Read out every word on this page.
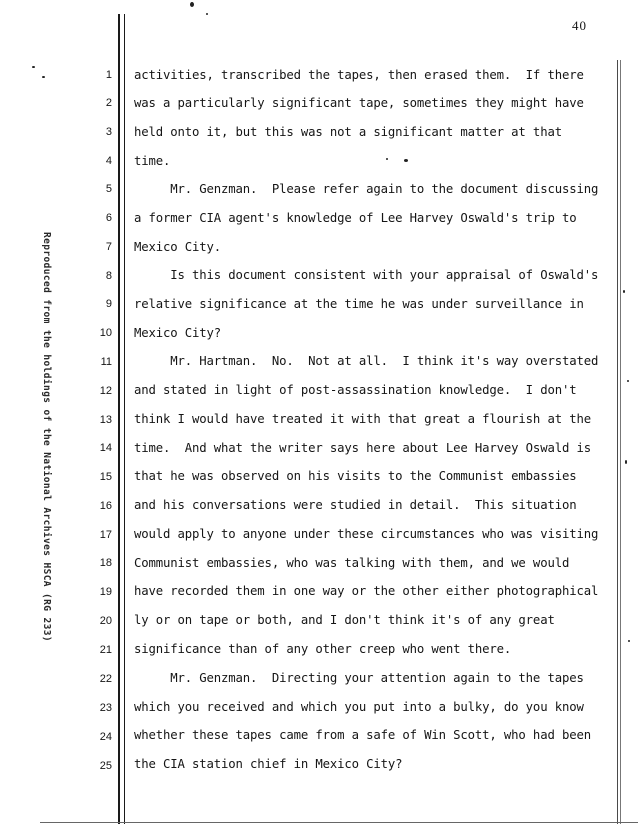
40
Reproduced from the holdings of the National Archives HSCA (RG 233)
1
2
3
4
5
6
7
8
9
10
11
12
13
14
15
16
17
18
19
20
21
22
23
24
25
activities, transcribed the tapes, then erased them.  If there
was a particularly significant tape, sometimes they might have
held onto it, but this was not a significant matter at that
time.
Mr. Genzman.  Please refer again to the document discussing
a former CIA agent's knowledge of Lee Harvey Oswald's trip to
Mexico City.
Is this document consistent with your appraisal of Oswald's
relative significance at the time he was under surveillance in
Mexico City?
Mr. Hartman.  No.  Not at all.  I think it's way overstated
and stated in light of post-assassination knowledge.  I don't
think I would have treated it with that great a flourish at the
time.  And what the writer says here about Lee Harvey Oswald is
that he was observed on his visits to the Communist embassies
and his conversations were studied in detail.  This situation
would apply to anyone under these circumstances who was visiting
Communist embassies, who was talking with them, and we would
have recorded them in one way or the other either photographical
ly or on tape or both, and I don't think it's of any great
significance than of any other creep who went there.
Mr. Genzman.  Directing your attention again to the tapes
which you received and which you put into a bulky, do you know
whether these tapes came from a safe of Win Scott, who had been
the CIA station chief in Mexico City?
